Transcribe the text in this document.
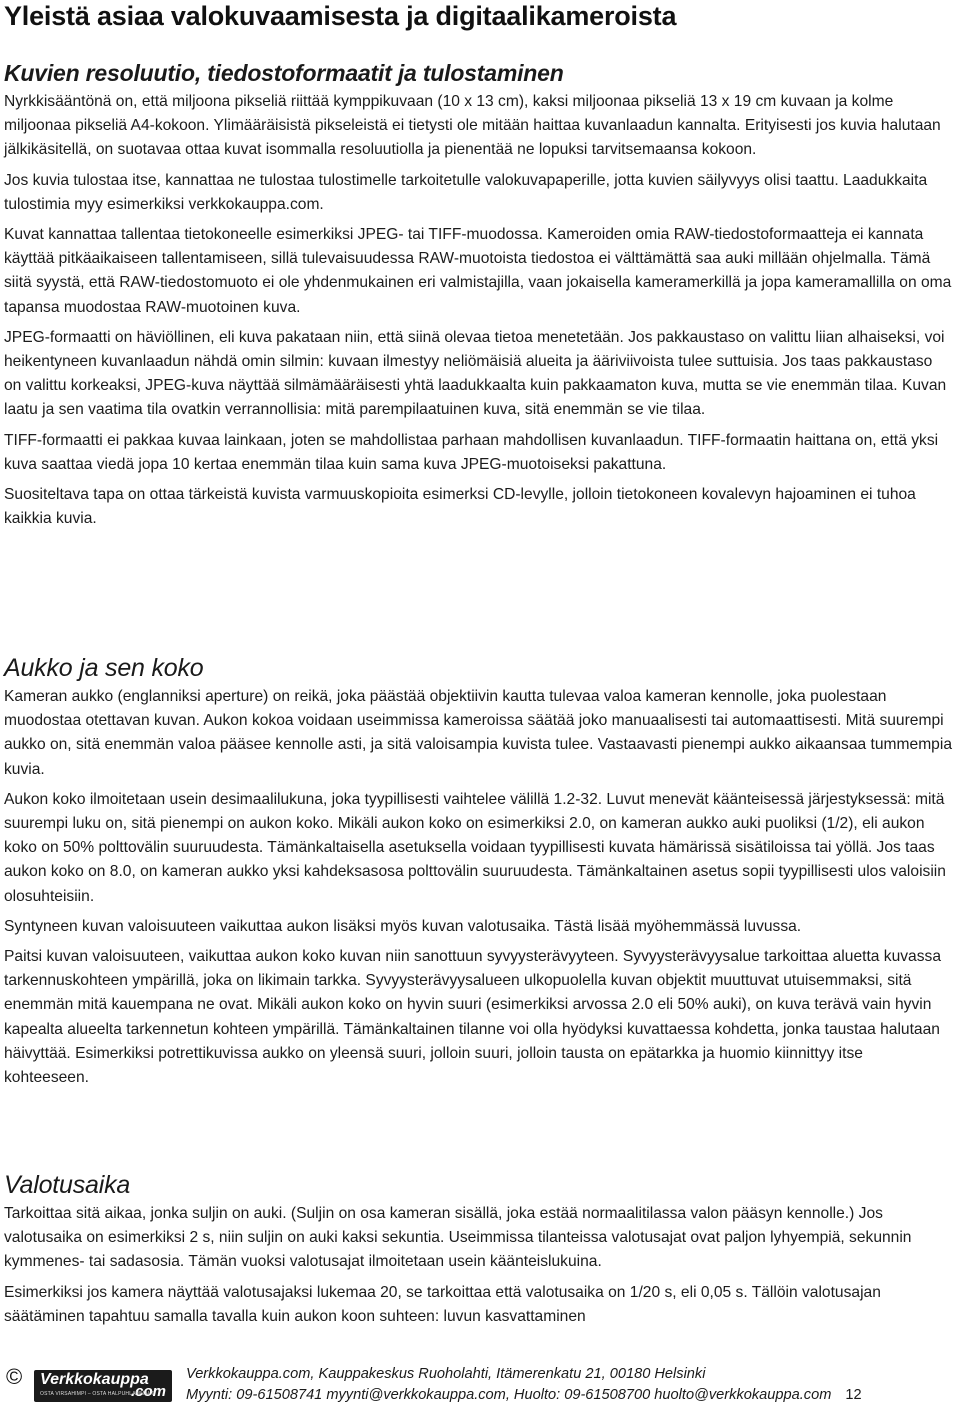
Yleistä asiaa valokuvaamisesta ja digitaalikameroista
Kuvien resoluutio, tiedostoformaatit ja tulostaminen

Nyrkkisääntönä on, että miljoona pikseliä riittää kymppikuvaan (10 x 13 cm), kaksi miljoonaa pikseliä 13 x 19 cm kuvaan ja kolme miljoonaa pikseliä A4-kokoon. Ylimääräisistä pikseleistä ei tietysti ole mitään haittaa kuvanlaadun kannalta. Erityisesti jos kuvia halutaan jälkikäsitellä, on suotavaa ottaa kuvat isommalla resoluutiolla ja pienentää ne lopuksi tarvitsemaansa kokoon.

Jos kuvia tulostaa itse, kannattaa ne tulostaa tulostimelle tarkoitetulle valokuvapaperille, jotta kuvien säilyvyys olisi taattu. Laadukkaita tulostimia myy esimerkiksi verkkokauppa.com.

Kuvat kannattaa tallentaa tietokoneelle esimerkiksi JPEG- tai TIFF-muodossa. Kameroiden omia RAW-tiedostoformaatteja ei kannata käyttää pitkäaikaiseen tallentamiseen, sillä tulevaisuudessa RAW-muotoista tiedostoa ei välttämättä saa auki millään ohjelmalla. Tämä siitä syystä, että RAW-tiedostomuoto ei ole yhdenmukainen eri valmistajilla, vaan jokaisella kameramerkillä ja jopa kameramallilla on oma tapansa muodostaa RAW-muotoinen kuva.

JPEG-formaatti on häviöllinen, eli kuva pakataan niin, että siinä olevaa tietoa menetetään. Jos pakkaustaso on valittu liian alhaiseksi, voi heikentyneen kuvanlaadun nähdä omin silmin: kuvaan ilmestyy neliömäisiä alueita ja ääriviivoista tulee suttuisia. Jos taas pakkaustaso on valittu korkeaksi, JPEG-kuva näyttää silmämääräisesti yhtä laadukkaalta kuin pakkaamaton kuva, mutta se vie enemmän tilaa. Kuvan laatu ja sen vaatima tila ovatkin verrannollisia: mitä parempilaatuinen kuva, sitä enemmän se vie tilaa.

TIFF-formaatti ei pakkaa kuvaa lainkaan, joten se mahdollistaa parhaan mahdollisen kuvanlaadun. TIFF-formaatin haittana on, että yksi kuva saattaa viedä jopa 10 kertaa enemmän tilaa kuin sama kuva JPEG-muotoiseksi pakattuna.

Suositeltava tapa on ottaa tärkeistä kuvista varmuuskopioita esimerksi CD-levylle, jolloin tietokoneen kovalevyn hajoaminen ei tuhoa kaikkia kuvia.

Aukko ja sen koko

Kameran aukko (englanniksi aperture) on reikä, joka päästää objektiivin kautta tulevaa valoa kameran kennolle, joka puolestaan muodostaa otettavan kuvan. Aukon kokoa voidaan useimmissa kameroissa säätää joko manuaalisesti tai automaattisesti. Mitä suurempi aukko on, sitä enemmän valoa pääsee kennolle asti, ja sitä valoisampia kuvista tulee. Vastaavasti pienempi aukko aikaansaa tummempia kuvia.

Aukon koko ilmoitetaan usein desimaalilukuna, joka tyypillisesti vaihtelee välillä 1.2-32. Luvut menevät käänteisessä järjestyksessä: mitä suurempi luku on, sitä pienempi on aukon koko. Mikäli aukon koko on esimerkiksi 2.0, on kameran aukko auki puoliksi (1/2), eli aukon koko on 50% polttovälin suuruudesta. Tämänkaltaisella asetuksella voidaan tyypillisesti kuvata hämärissä sisätiloissa tai yöllä. Jos taas aukon koko on 8.0, on kameran aukko yksi kahdeksasosa polttovälin suuruudesta. Tämänkaltainen asetus sopii tyypillisesti ulos valoisiin olosuhteisiin.

Syntyneen kuvan valoisuuteen vaikuttaa aukon lisäksi myös kuvan valotusaika. Tästä lisää myöhemmässä luvussa.

Paitsi kuvan valoisuuteen, vaikuttaa aukon koko kuvan niin sanottuun syvyysterävyyteen. Syvyysterävyysalue tarkoittaa aluetta kuvassa tarkennuskohteen ympärillä, joka on likimain tarkka. Syvyysterävyysalueen ulkopuolella kuvan objektit muuttuvat utuisemmaksi, sitä enemmän mitä kauempana ne ovat. Mikäli aukon koko on hyvin suuri (esimerkiksi arvossa 2.0 eli 50% auki), on kuva terävä vain hyvin kapealta alueelta tarkennetun kohteen ympärillä. Tämänkaltainen tilanne voi olla hyödyksi kuvattaessa kohdetta, jonka taustaa halutaan häivyttää. Esimerkiksi potrettikuvissa aukko on yleensä suuri, jolloin suuri, jolloin tausta on epätarkka ja huomio kiinnittyy itse kohteeseen.

Valotusaika

Tarkoittaa sitä aikaa, jonka suljin on auki. (Suljin on osa kameran sisällä, joka estää normaalitilassa valon pääsyn kennolle.) Jos valotusaika on esimerkiksi 2 s, niin suljin on auki kaksi sekuntia. Useimmissa tilanteissa valotusajat ovat paljon lyhyempiä, sekunnin kymmenes- tai sadasosia. Tämän vuoksi valotusajat ilmoitetaan usein käänteislukuina.

Esimerkiksi jos kamera näyttää valotusajaksi lukemaa 20, se tarkoittaa että valotusaika on 1/20 s, eli 0,05 s. Tällöin valotusajan säätäminen tapahtuu samalla tavalla kuin aukon koon suhteen: luvun kasvattaminen

© Verkkokauppa
.com
OSTA VIRSAHIMPI – OSTA HALPUHLAMMALT
Verkkokauppa.com, Kauppakeskus Ruoholahti, Itämerenkatu 21, 00180 Helsinki
Myynti: 09-61508741 myynti@verkkokauppa.com, Huolto: 09-61508700 huolto@verkkokauppa.com 12
